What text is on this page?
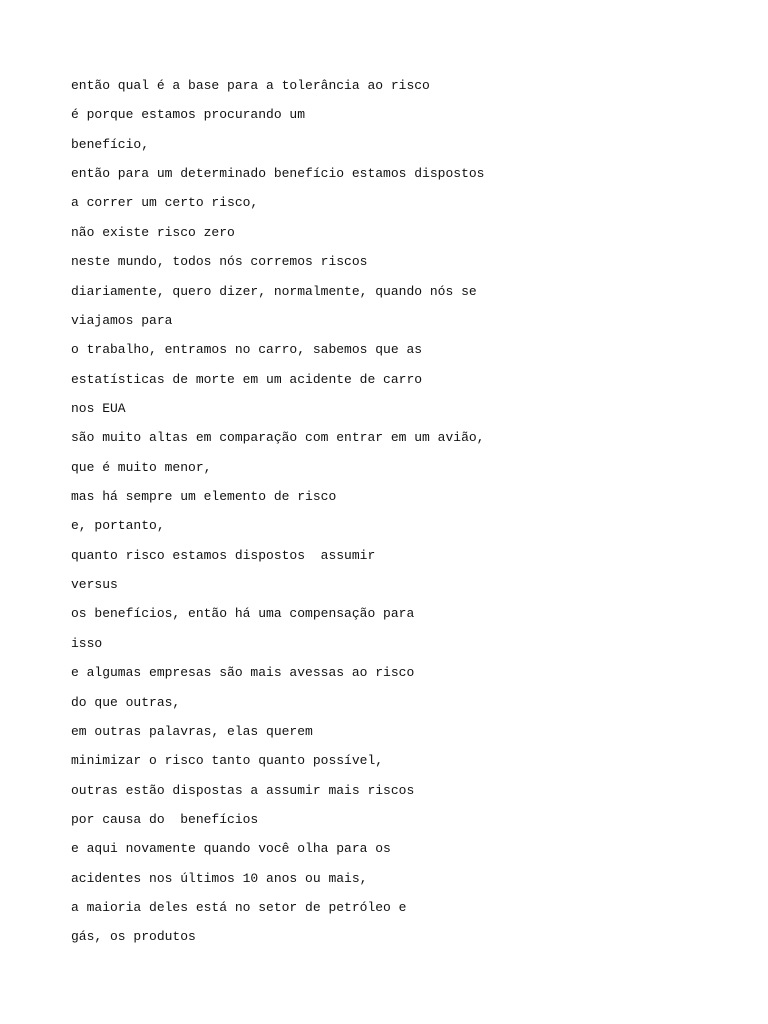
então qual é a base para a tolerância ao risco
é porque estamos procurando um
benefício,
então para um determinado benefício estamos dispostos
a correr um certo risco,
não existe risco zero
neste mundo, todos nós corremos riscos
diariamente, quero dizer, normalmente, quando nós se
viajamos para
o trabalho, entramos no carro, sabemos que as
estatísticas de morte em um acidente de carro
nos EUA
são muito altas em comparação com entrar em um avião,
que é muito menor,
mas há sempre um elemento de risco
e, portanto,
quanto risco estamos dispostos  assumir
versus
os benefícios, então há uma compensação para
isso
e algumas empresas são mais avessas ao risco
do que outras,
em outras palavras, elas querem
minimizar o risco tanto quanto possível,
outras estão dispostas a assumir mais riscos
por causa do  benefícios
e aqui novamente quando você olha para os
acidentes nos últimos 10 anos ou mais,
a maioria deles está no setor de petróleo e
gás, os produtos
